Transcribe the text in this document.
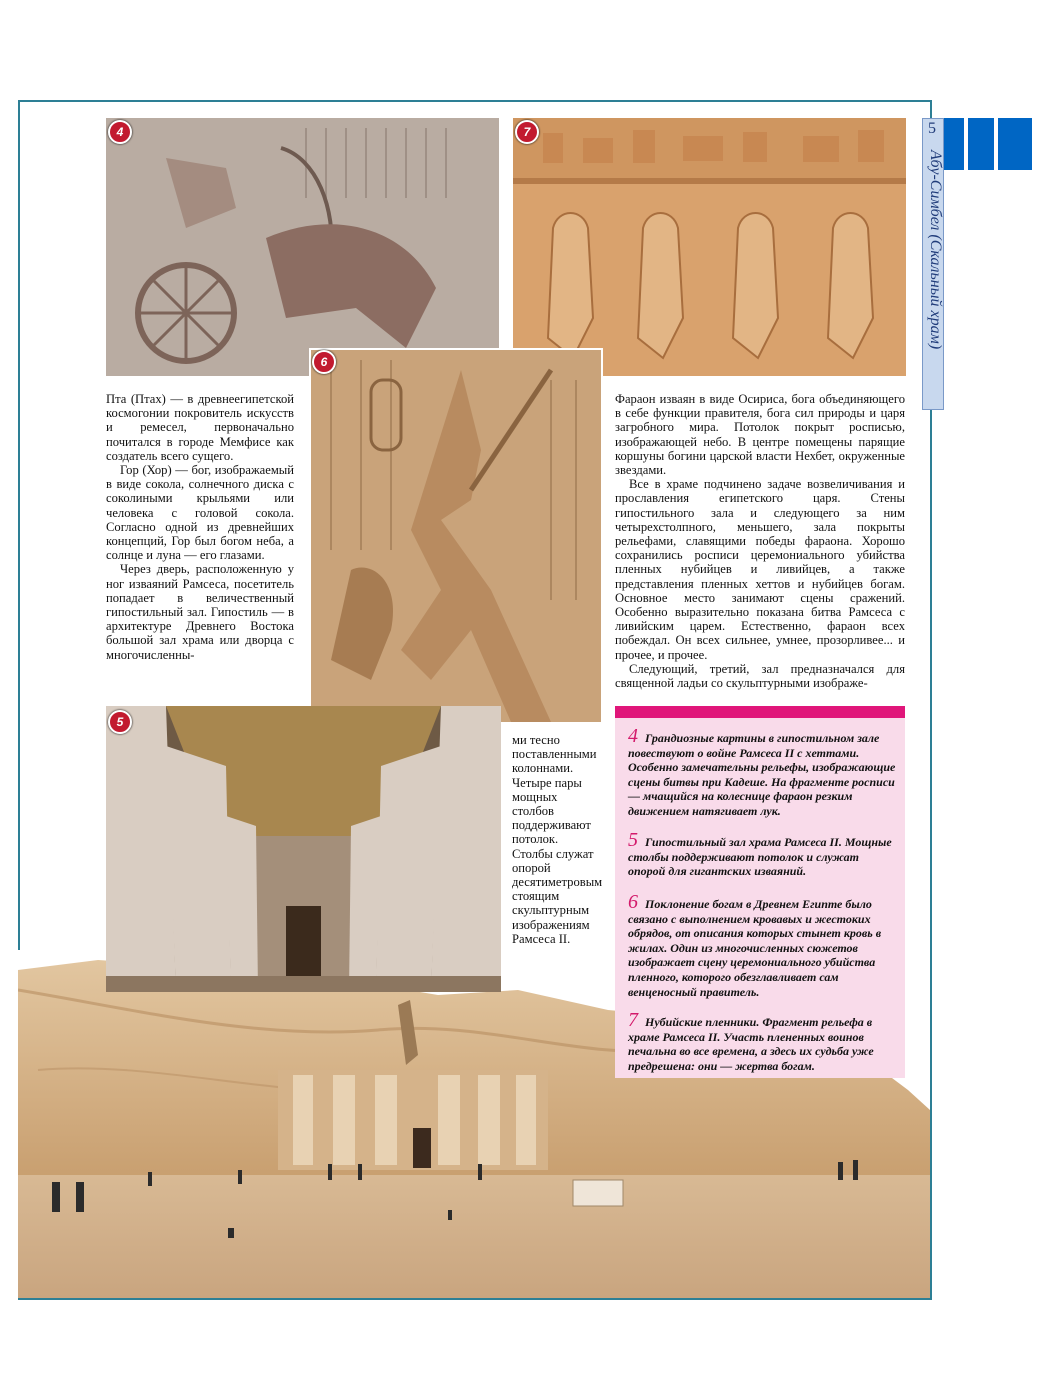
5
Абу-Симбел (Скальный храм)
4	7
6
5

Пта (Птах) — в древнеегипетской космогонии покровитель искусств и ремесел, первоначально почитался в городе Мемфисе как создатель всего сущего.

Гор (Хор) — бог, изображаемый в виде сокола, солнечного диска с соколиными крыльями или человека с головой сокола. Согласно одной из древнейших концепций, Гор был богом неба, а солнце и луна — его глазами.

Через дверь, расположенную у ног изваяний Рамсеса, посетитель попадает в величественный гипостильный зал. Гипостиль — в архитектуре Древнего Востока большой зал храма или дворца с многочисленны-

ми тесно поставленными колоннами. Четыре пары мощных столбов поддерживают потолок. Столбы служат опорой десятиметровым стоящим скульптурным изображениям Рамсеса II.

Фараон изваян в виде Осириса, бога объединяющего в себе функции правителя, бога сил природы и царя загробного мира. Потолок покрыт росписью, изображающей небо. В центре помещены парящие коршуны богини царской власти Нехбет, окруженные звездами.

Все в храме подчинено задаче возвеличивания и прославления египетского царя. Стены гипостильного зала и следующего за ним четырехстолпного, меньшего, зала покрыты рельефами, славящими победы фараона. Хорошо сохранились росписи церемониального убийства пленных нубийцев и ливийцев, а также представления пленных хеттов и нубийцев богам. Основное место занимают сцены сражений. Особенно выразительно показана битва Рамсеса с ливийским царем. Естественно, фараон всех побеждал. Он всех сильнее, умнее, прозорливее... и прочее, и прочее.

Следующий, третий, зал предназначался для священной ладьи со скульптурными изображе-

4 Грандиозные картины в гипостильном зале повествуют о войне Рамсеса II с хеттами. Особенно замечательны рельефы, изображающие сцены битвы при Кадеше. На фрагменте росписи — мчащийся на колеснице фараон резким движением натягивает лук.
5 Гипостильный зал храма Рамсеса II. Мощные столбы поддерживают потолок и служат опорой для гигантских изваяний.
6 Поклонение богам в Древнем Египте было связано с выполнением кровавых и жестоких обрядов, от описания которых стынет кровь в жилах. Один из многочисленных сюжетов изображает сцену церемониального убийства пленного, которого обезглавливает сам венценосный правитель.
7 Нубийские пленники. Фрагмент рельефа в храме Рамсеса II. Участь плененных воинов печальна во все времена, а здесь их судьба уже предрешена: они — жертва богам.
